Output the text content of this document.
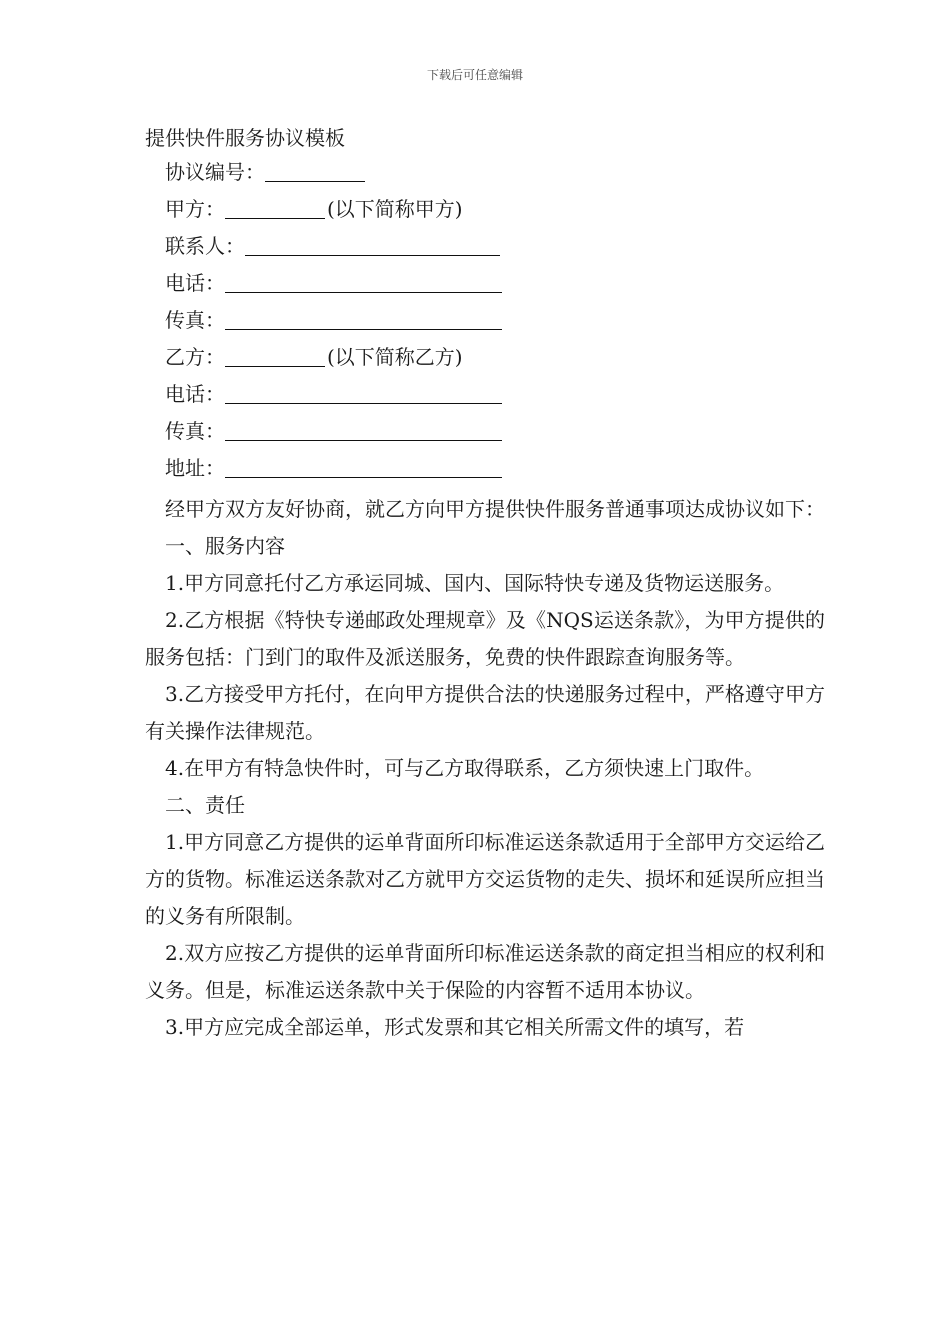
下载后可任意编辑
提供快件服务协议模板
协议编号：
甲方：	(以下简称甲方)
联系人：
电话：
传真：
乙方：	(以下简称乙方)
电话：
传真：
地址：

经甲方双方友好协商，就乙方向甲方提供快件服务普通事项达成协议如下：

一、服务内容

1.甲方同意托付乙方承运同城、国内、国际特快专递及货物运送服务。

2.乙方根据《特快专递邮政处理规章》及《NQS运送条款》，为甲方提供的服务包括：门到门的取件及派送服务，免费的快件跟踪查询服务等。

3.乙方接受甲方托付，在向甲方提供合法的快递服务过程中，严格遵守甲方有关操作法律规范。

4.在甲方有特急快件时，可与乙方取得联系，乙方须快速上门取件。

二、责任

1.甲方同意乙方提供的运单背面所印标准运送条款适用于全部甲方交运给乙方的货物。标准运送条款对乙方就甲方交运货物的走失、损坏和延误所应担当的义务有所限制。

2.双方应按乙方提供的运单背面所印标准运送条款的商定担当相应的权利和义务。但是，标准运送条款中关于保险的内容暂不适用本协议。

3.甲方应完成全部运单，形式发票和其它相关所需文件的填写，若
